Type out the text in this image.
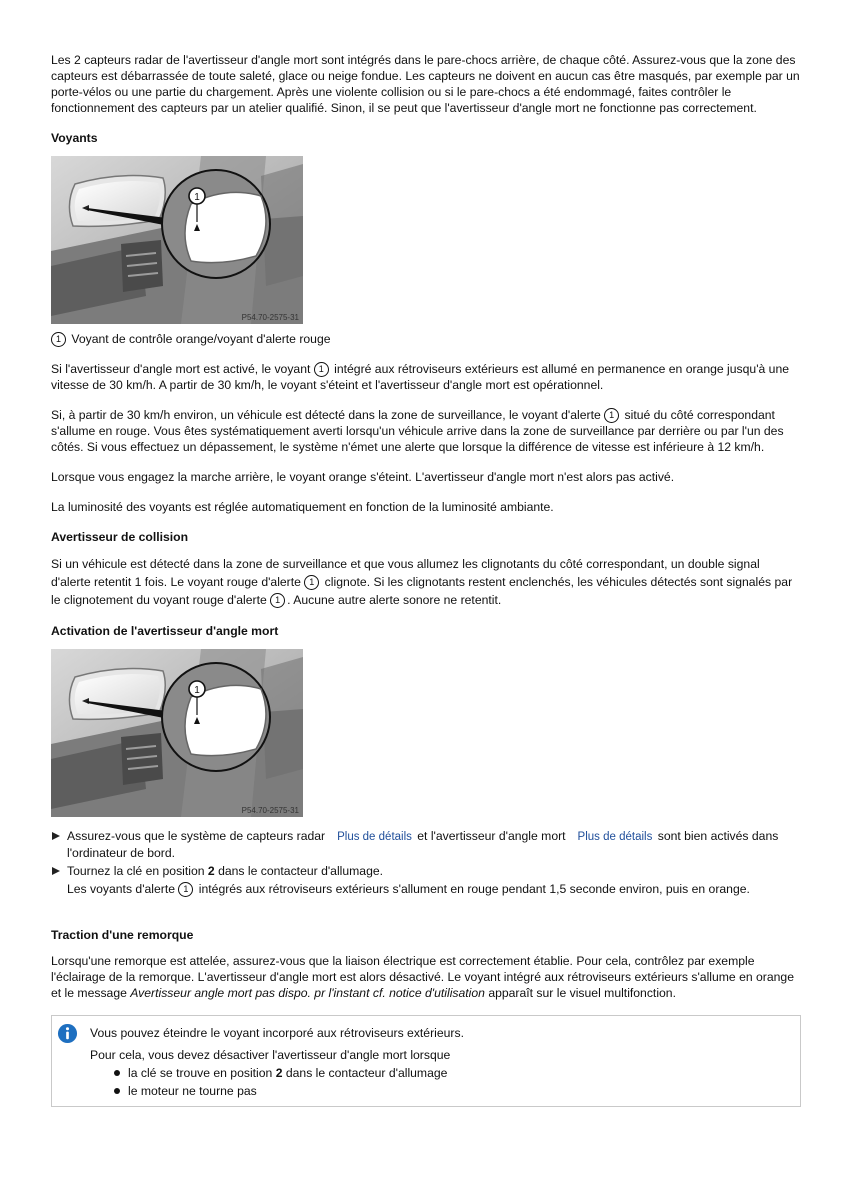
Les 2 capteurs radar de l'avertisseur d'angle mort sont intégrés dans le pare-chocs arrière, de chaque côté. Assurez-vous que la zone des capteurs est débarrassée de toute saleté, glace ou neige fondue. Les capteurs ne doivent en aucun cas être masqués, par exemple par un porte-vélos ou une partie du chargement. Après une violente collision ou si le pare-chocs a été endommagé, faites contrôler le fonctionnement des capteurs par un atelier qualifié. Sinon, il se peut que l'avertisseur d'angle mort ne fonctionne pas correctement.

Voyants

1 Voyant de contrôle orange/voyant d'alerte rouge

Si l'avertisseur d'angle mort est activé, le voyant 1 intégré aux rétroviseurs extérieurs est allumé en permanence en orange jusqu'à une vitesse de 30 km/h. A partir de 30 km/h, le voyant s'éteint et l'avertisseur d'angle mort est opérationnel.

Si, à partir de 30 km/h environ, un véhicule est détecté dans la zone de surveillance, le voyant d'alerte 1 situé du côté correspondant s'allume en rouge. Vous êtes systématiquement averti lorsqu'un véhicule arrive dans la zone de surveillance par derrière ou par l'un des côtés. Si vous effectuez un dépassement, le système n'émet une alerte que lorsque la différence de vitesse est inférieure à 12 km/h.

Lorsque vous engagez la marche arrière, le voyant orange s'éteint. L'avertisseur d'angle mort n'est alors pas activé.

La luminosité des voyants est réglée automatiquement en fonction de la luminosité ambiante.

Avertisseur de collision

Si un véhicule est détecté dans la zone de surveillance et que vous allumez les clignotants du côté correspondant, un double signal d'alerte retentit 1 fois. Le voyant rouge d'alerte 1 clignote. Si les clignotants restent enclenchés, les véhicules détectés sont signalés par le clignotement du voyant rouge d'alerte 1 . Aucune autre alerte sonore ne retentit.

Activation de l'avertisseur d'angle mort
Assurez-vous que le système de capteurs radar Plus de détails et l'avertisseur d'angle mort Plus de détails sont bien activés dans l'ordinateur de bord.
Tournez la clé en position 2 dans le contacteur d'allumage.
Les voyants d'alerte 1 intégrés aux rétroviseurs extérieurs s'allument en rouge pendant 1,5 seconde environ, puis en orange.
Traction d'une remorque

Lorsqu'une remorque est attelée, assurez-vous que la liaison électrique est correctement établie. Pour cela, contrôlez par exemple l'éclairage de la remorque. L'avertisseur d'angle mort est alors désactivé. Le voyant intégré aux rétroviseurs extérieurs s'allume en orange et le message Avertisseur angle mort pas dispo. pr l'instant cf. notice d'utilisation apparaît sur le visuel multifonction.

Vous pouvez éteindre le voyant incorporé aux rétroviseurs extérieurs.

Pour cela, vous devez désactiver l'avertisseur d'angle mort lorsque

la clé se trouve en position 2 dans le contacteur d'allumage
le moteur ne tourne pas
